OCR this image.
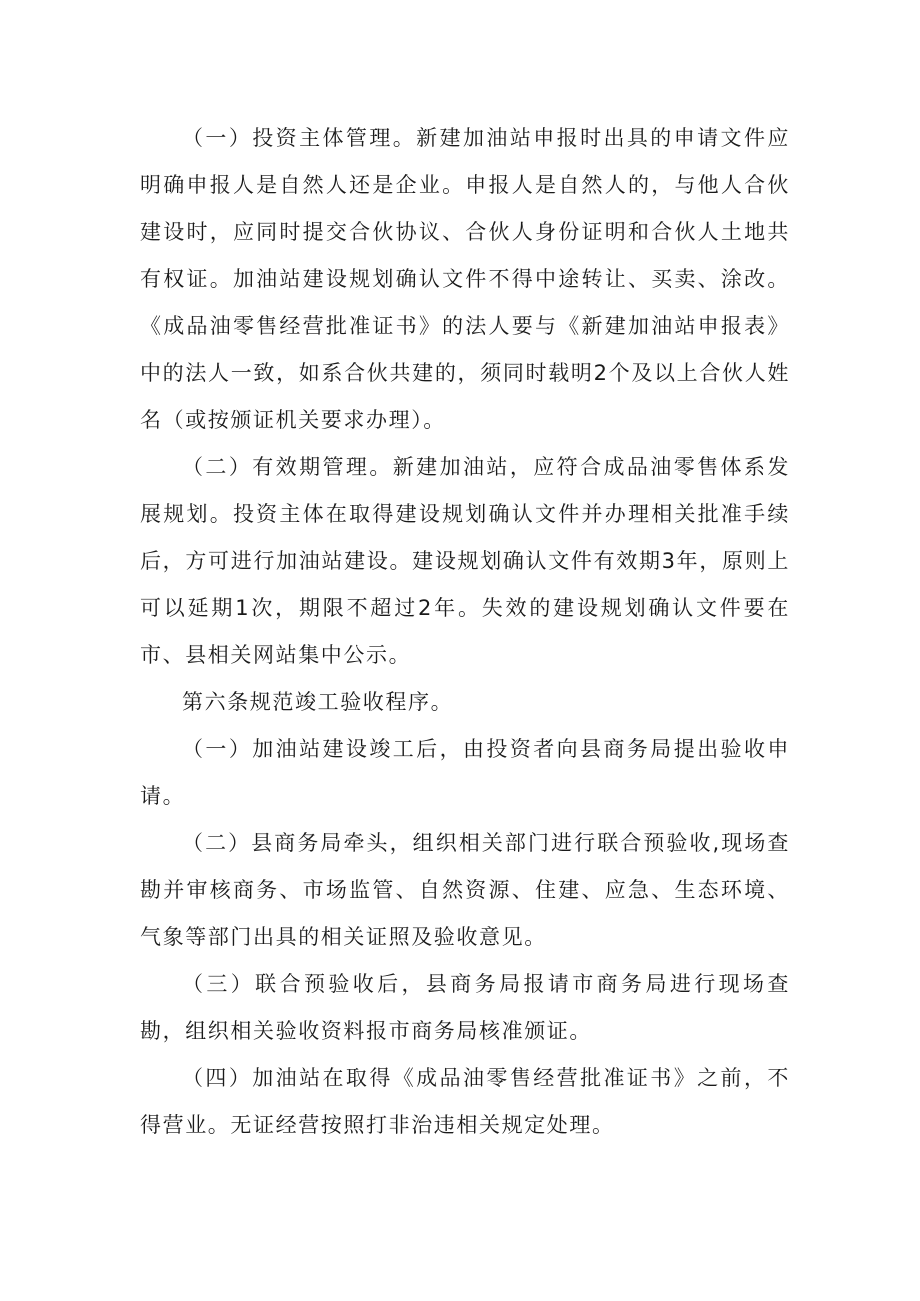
（一）投资主体管理。新建加油站申报时出具的申请文件应明确申报人是自然人还是企业。申报人是自然人的，与他人合伙建设时，应同时提交合伙协议、合伙人身份证明和合伙人土地共有权证。加油站建设规划确认文件不得中途转让、买卖、涂改。《成品油零售经营批准证书》的法人要与《新建加油站申报表》中的法人一致，如系合伙共建的，须同时载明2个及以上合伙人姓名（或按颁证机关要求办理）。

（二）有效期管理。新建加油站，应符合成品油零售体系发展规划。投资主体在取得建设规划确认文件并办理相关批准手续后，方可进行加油站建设。建设规划确认文件有效期3年，原则上可以延期1次，期限不超过2年。失效的建设规划确认文件要在市、县相关网站集中公示。

第六条规范竣工验收程序。

（一）加油站建设竣工后，由投资者向县商务局提出验收申请。

（二）县商务局牵头，组织相关部门进行联合预验收,现场查勘并审核商务、市场监管、自然资源、住建、应急、生态环境、气象等部门出具的相关证照及验收意见。

（三）联合预验收后，县商务局报请市商务局进行现场查勘，组织相关验收资料报市商务局核准颁证。

（四）加油站在取得《成品油零售经营批准证书》之前，不得营业。无证经营按照打非治违相关规定处理。
